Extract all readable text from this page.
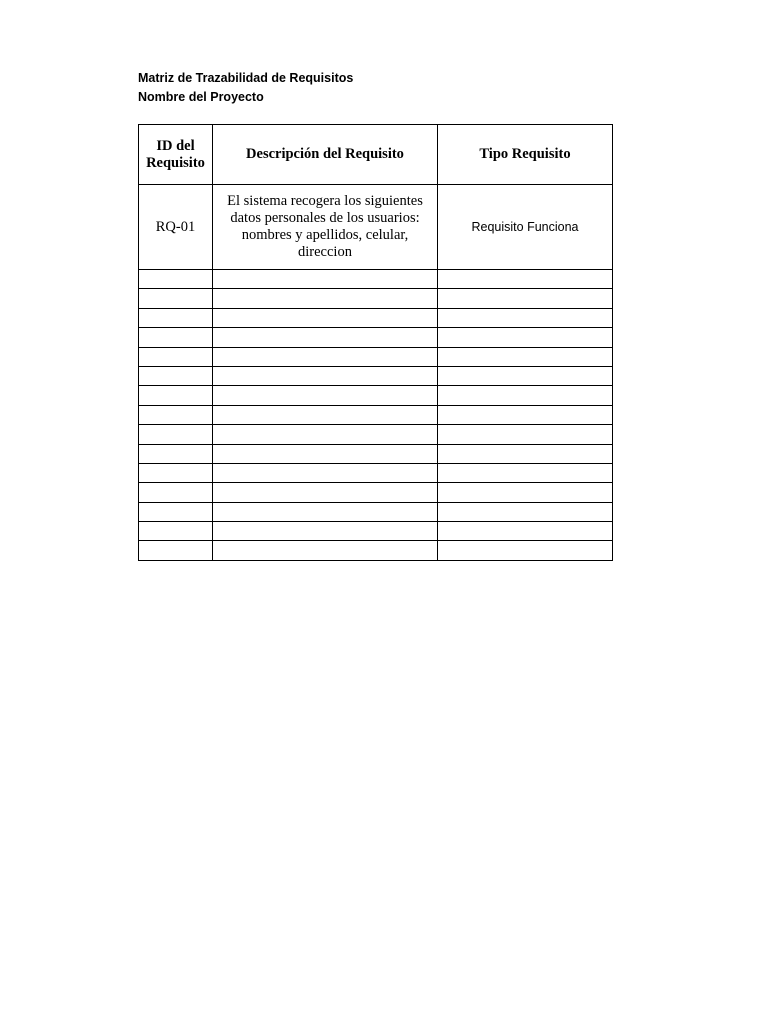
Matriz de Trazabilidad de Requisitos
Nombre del Proyecto
ID del Requisito	Descripción del Requisito	Tipo Requisito
RQ-01	El sistema recogera los siguientes datos personales de los usuarios: nombres y apellidos, celular, direccion	Requisito Funciona
